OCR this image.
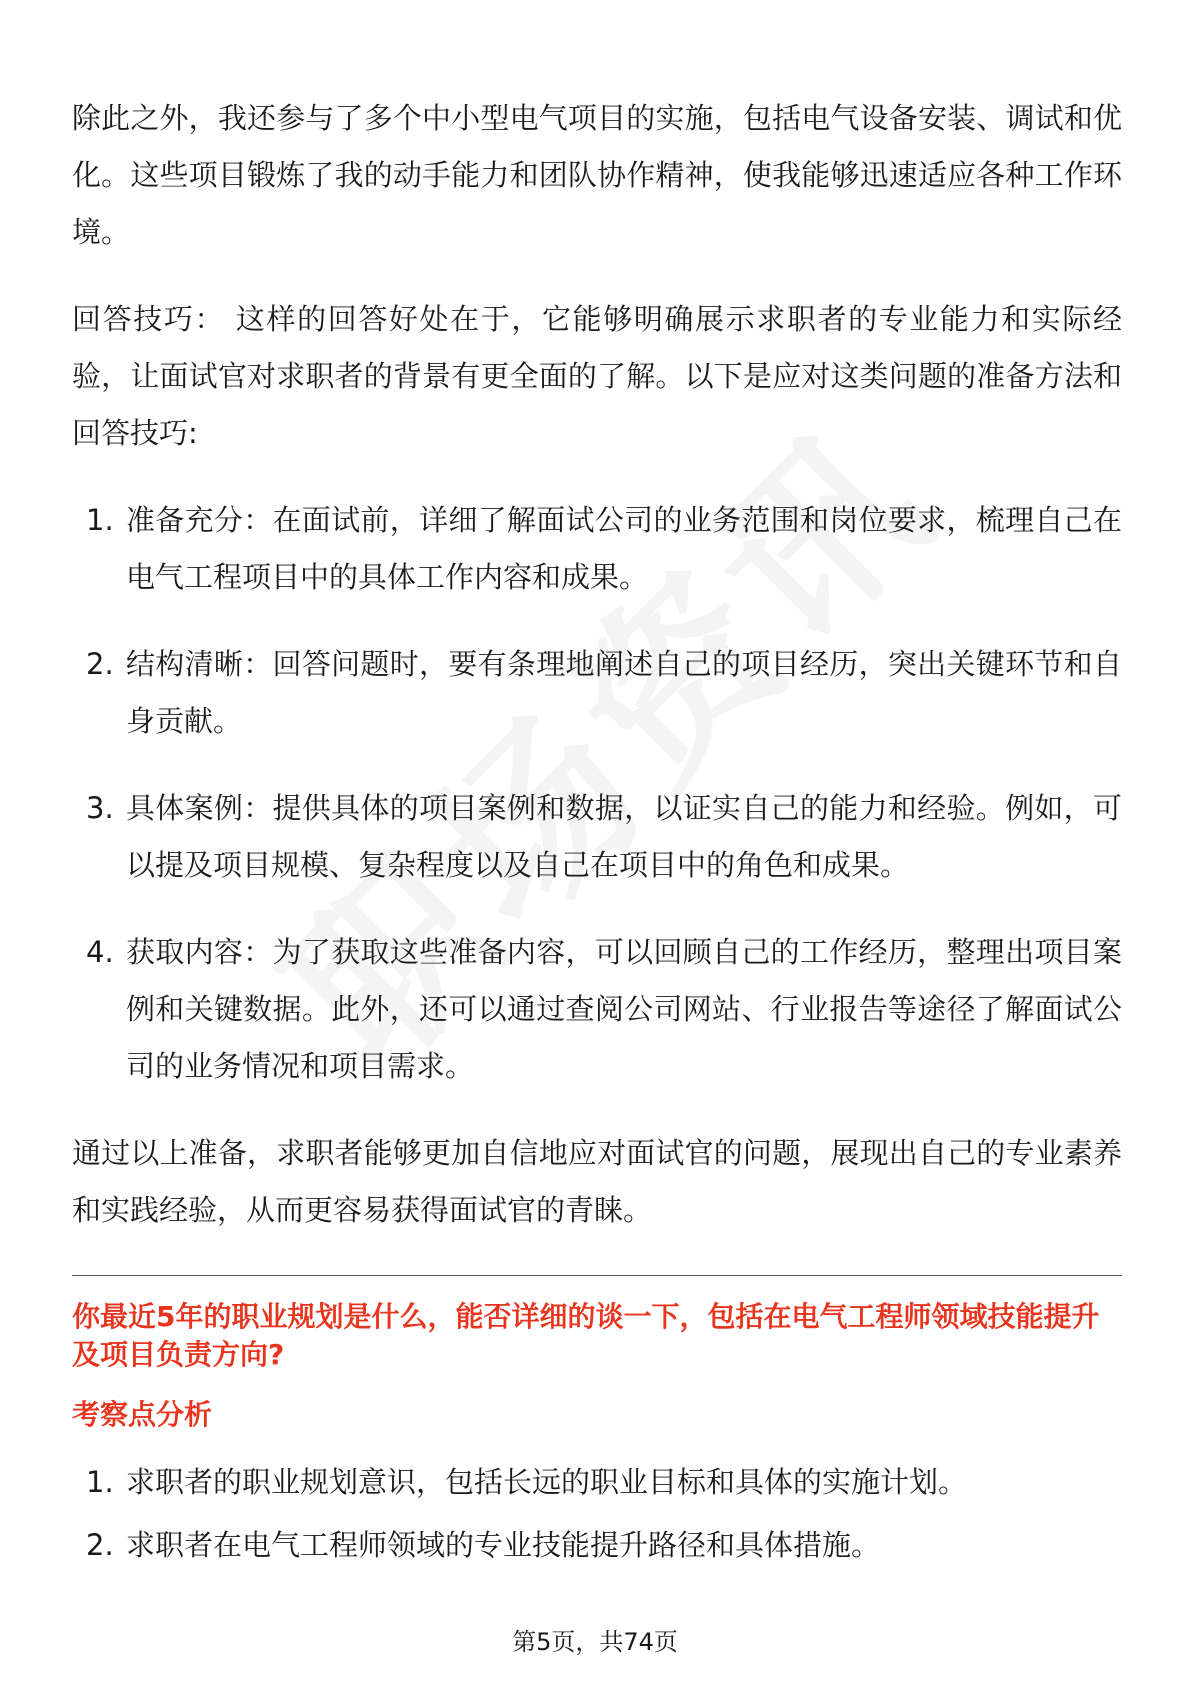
除此之外，我还参与了多个中小型电气项目的实施，包括电气设备安装、调试和优化。这些项目锻炼了我的动手能力和团队协作精神，使我能够迅速适应各种工作环境。

回答技巧： 这样的回答好处在于，它能够明确展示求职者的专业能力和实际经验，让面试官对求职者的背景有更全面的了解。以下是应对这类问题的准备方法和回答技巧:

1. 准备充分：在面试前，详细了解面试公司的业务范围和岗位要求，梳理自己在电气工程项目中的具体工作内容和成果。
2. 结构清晰：回答问题时，要有条理地阐述自己的项目经历，突出关键环节和自身贡献。
3. 具体案例：提供具体的项目案例和数据，以证实自己的能力和经验。例如，可以提及项目规模、复杂程度以及自己在项目中的角色和成果。
4. 获取内容：为了获取这些准备内容，可以回顾自己的工作经历，整理出项目案例和关键数据。此外，还可以通过查阅公司网站、行业报告等途径了解面试公司的业务情况和项目需求。

通过以上准备，求职者能够更加自信地应对面试官的问题，展现出自己的专业素养和实践经验，从而更容易获得面试官的青睐。

你最近5年的职业规划是什么，能否详细的谈一下，包括在电气工程师领域技能提升及项目负责方向?
考察点分析
1. 求职者的职业规划意识，包括长远的职业目标和具体的实施计划。
2. 求职者在电气工程师领域的专业技能提升路径和具体措施。
第5页，共74页
